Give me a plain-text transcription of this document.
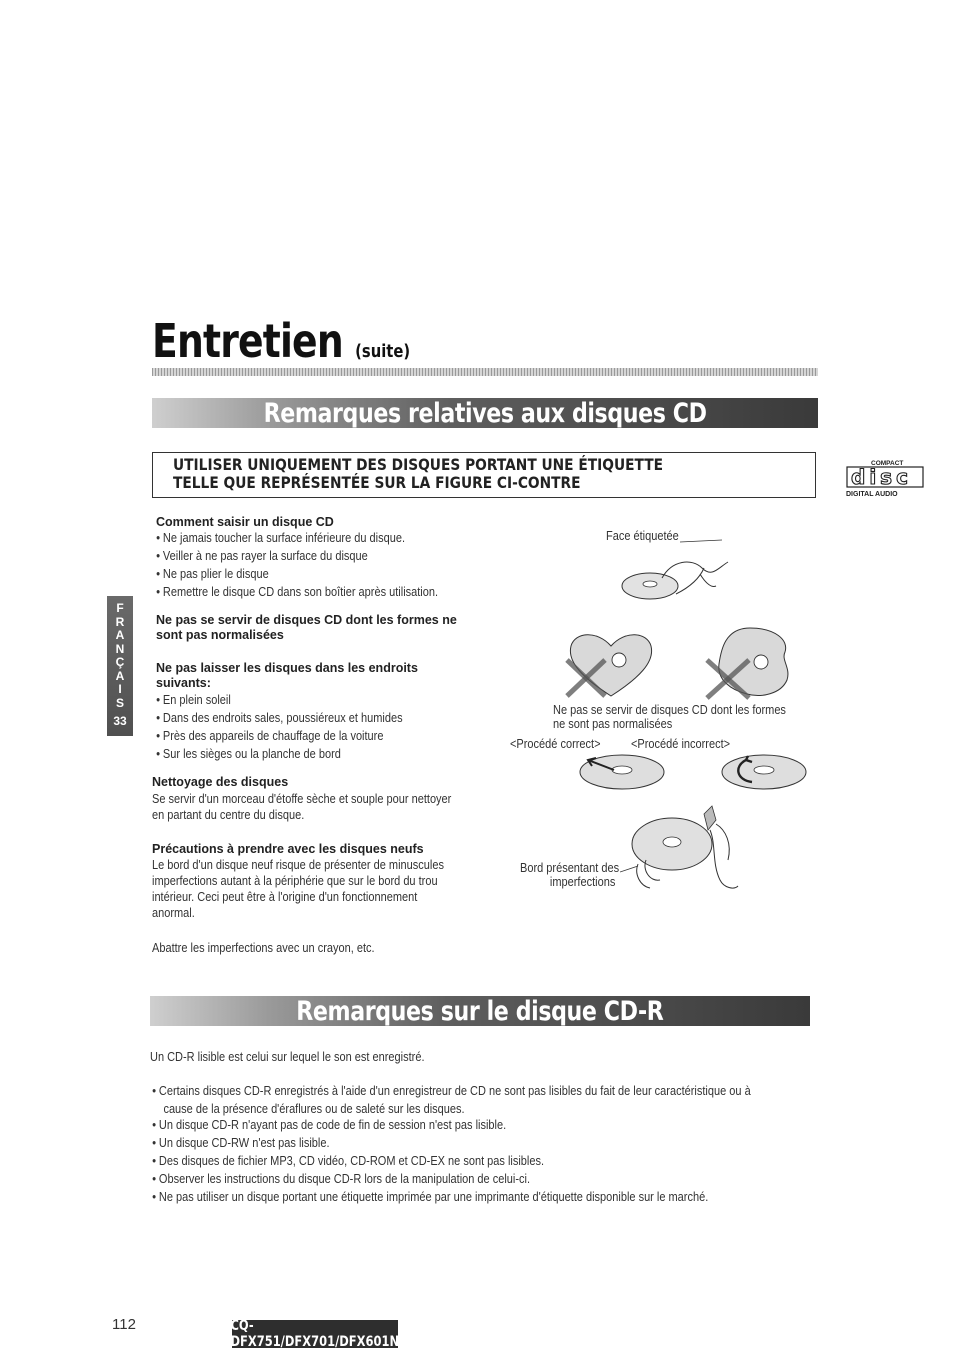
Entretien (suite)
Remarques relatives aux disques CD
UTILISER UNIQUEMENT DES DISQUES PORTANT UNE ÉTIQUETTE
TELLE QUE REPRÉSENTÉE SUR LA FIGURE CI-CONTRE
COMPACT
disc
DIGITAL AUDIO
F
R
A
N
Ç
A
I
S
33
Comment saisir un disque CD
● Ne jamais toucher la surface inférieure du disque.
● Veiller à ne pas rayer la surface du disque
● Ne pas plier le disque
● Remettre le disque CD dans son boîtier après utilisation.
Ne pas se servir de disques CD dont les formes ne
sont pas normalisées
Ne pas laisser les disques dans les endroits
suivants:
● En plein soleil
● Dans des endroits sales, poussiéreux et humides
● Près des appareils de chauffage de la voiture
● Sur les sièges ou la planche de bord
Nettoyage des disques
Se servir d'un morceau d'étoffe sèche et souple pour nettoyer
en partant du centre du disque.
Précautions à prendre avec les disques neufs
Le bord d'un disque neuf risque de présenter de minuscules
imperfections autant à la périphérie que sur le bord du trou
intérieur. Ceci peut être à l'origine d'un fonctionnement
anormal.
Abattre les imperfections avec un crayon, etc.
Face étiquetée
Ne pas se servir de disques CD dont les formes
ne sont pas normalisées
<Procédé correct> <Procédé incorrect>
Bord présentant des
imperfections
Remarques sur le disque CD-R
Un CD-R lisible est celui sur lequel le son est enregistré.
● Certains disques CD-R enregistrés à l'aide d'un enregistreur de CD ne sont pas lisibles du fait de leur caractéristique ou à
cause de la présence d'éraflures ou de saleté sur les disques.
● Un disque CD-R n'ayant pas de code de fin de session n'est pas lisible.
● Un disque CD-RW n'est pas lisible.
● Des disques de fichier MP3, CD vidéo, CD-ROM et CD-EX ne sont pas lisibles.
● Observer les instructions du disque CD-R lors de la manipulation de celui-ci.
● Ne pas utiliser un disque portant une étiquette imprimée par une imprimante d'étiquette disponible sur le marché.
112	CQ-DFX751/DFX701/DFX601N
